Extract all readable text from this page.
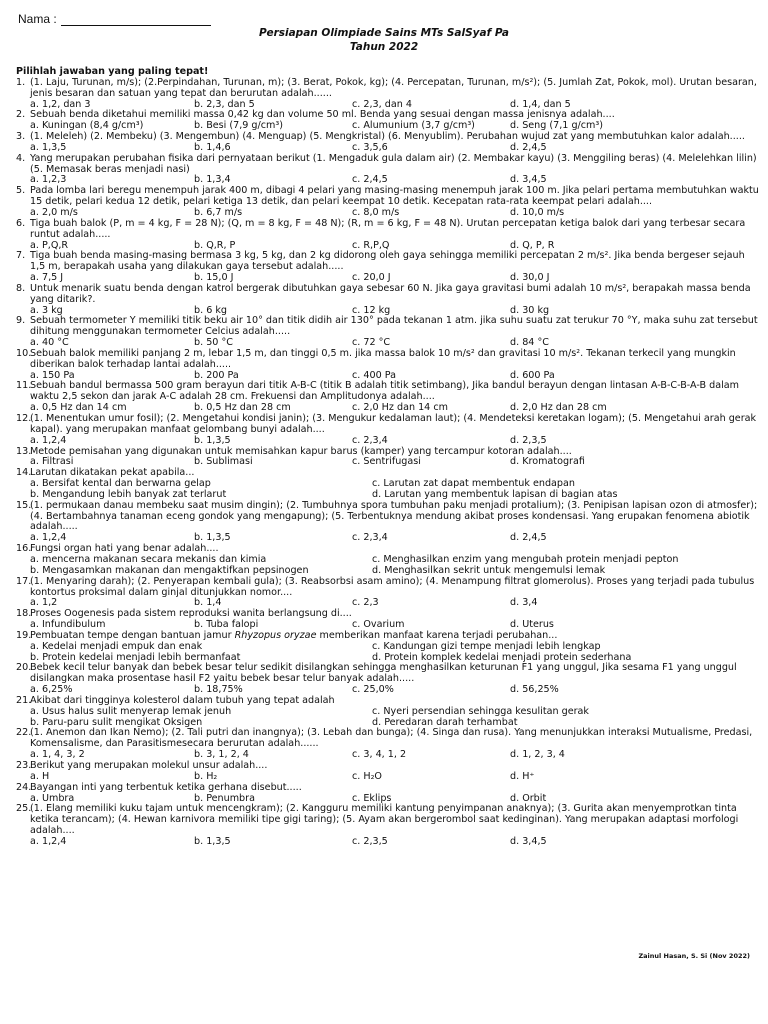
Nama :
Persiapan Olimpiade Sains MTs SalSyaf Pa
Tahun 2022
Pilihlah jawaban yang paling tepat!
1. (1. Laju, Turunan, m/s); (2.Perpindahan, Turunan, m); (3. Berat, Pokok, kg); (4. Percepatan, Turunan, m/s²); (5. Jumlah Zat, Pokok, mol). Urutan besaran, jenis besaran dan satuan yang tepat dan berurutan adalah......
a. 1,2, dan 3	b. 2,3, dan 5	c. 2,3, dan 4	d. 1,4, dan 5
2. Sebuah benda diketahui memiliki massa 0,42 kg dan volume 50 ml. Benda yang sesuai dengan massa jenisnya adalah....
a. Kuningan (8,4 g/cm³)	b. Besi (7,9 g/cm³)	c. Alumunium (3,7 g/cm³)	d. Seng (7,1 g/cm³)
3. (1. Meleleh) (2. Membeku) (3. Mengembun) (4. Menguap) (5. Mengkristal) (6. Menyublim). Perubahan wujud zat yang membutuhkan kalor adalah.....
a. 1,3,5	b. 1,4,6	c. 3,5,6	d. 2,4,5
4. Yang merupakan perubahan fisika dari pernyataan berikut (1. Mengaduk gula dalam air) (2. Membakar kayu) (3. Menggiling beras) (4. Melelehkan lilin) (5. Memasak beras menjadi nasi)
a. 1,2,3	b. 1,3,4	c. 2,4,5	d. 3,4,5
5. Pada lomba lari beregu menempuh jarak 400 m, dibagi 4 pelari yang masing-masing menempuh jarak 100 m. Jika pelari pertama membutuhkan waktu 15 detik, pelari kedua 12 detik, pelari ketiga 13 detik, dan pelari keempat 10 detik. Kecepatan rata-rata keempat pelari adalah....
a. 2,0 m/s	b. 6,7 m/s	c. 8,0 m/s	d. 10,0 m/s
6. Tiga buah balok (P, m = 4 kg, F = 28 N); (Q, m = 8 kg, F = 48 N); (R, m = 6 kg, F = 48 N). Urutan percepatan ketiga balok dari yang terbesar secara runtut adalah.....
a. P,Q,R	b. Q,R, P	c. R,P,Q	d. Q, P, R
7. Tiga buah benda masing-masing bermasa 3 kg, 5 kg, dan 2 kg didorong oleh gaya sehingga memiliki percepatan 2 m/s². Jika benda bergeser sejauh 1,5 m, berapakah usaha yang dilakukan gaya tersebut adalah.....
a. 7,5 J	b. 15,0 J	c. 20,0 J	d. 30,0 J
8. Untuk menarik suatu benda dengan katrol bergerak dibutuhkan gaya sebesar 60 N. Jika gaya gravitasi bumi adalah 10 m/s², berapakah massa benda yang ditarik?.
a. 3 kg	b. 6 kg	c. 12 kg	d. 30 kg
9. Sebuah termometer Y memiliki titik beku air 10° dan titik didih air 130° pada tekanan 1 atm. jika suhu suatu zat terukur 70 °Y, maka suhu zat tersebut dihitung menggunakan termometer Celcius adalah.....
a. 40 °C	b. 50 °C	c. 72 °C	d. 84 °C
10.
Sebuah balok memiliki panjang 2 m, lebar 1,5 m, dan tinggi 0,5 m. jika massa balok 10 m/s² dan gravitasi 10 m/s². Tekanan terkecil yang mungkin diberikan balok terhadap lantai adalah.....
a. 150 Pa	b. 200 Pa	c. 400 Pa	d. 600 Pa
11.
Sebuah bandul bermassa 500 gram berayun dari titik A-B-C (titik B adalah titik setimbang), Jika bandul berayun dengan lintasan A-B-C-B-A-B dalam waktu 2,5 sekon dan jarak A-C adalah 28 cm. Frekuensi dan Amplitudonya adalah....
a. 0,5 Hz dan 14 cm	b. 0,5 Hz dan 28 cm	c. 2,0 Hz dan 14 cm	d. 2,0 Hz dan 28 cm
12.
(1. Menentukan umur fosil); (2. Mengetahui kondisi janin); (3. Mengukur kedalaman laut); (4. Mendeteksi keretakan logam); (5. Mengetahui arah gerak kapal). yang merupakan manfaat gelombang bunyi adalah....
a. 1,2,4	b. 1,3,5	c. 2,3,4	d. 2,3,5
13.
Metode pemisahan yang digunakan untuk memisahkan kapur barus (kamper) yang tercampur kotoran adalah....
a. Filtrasi	b. Sublimasi	c. Sentrifugasi	d. Kromatografi
14.
Larutan dikatakan pekat apabila...
a. Bersifat kental dan berwarna gelap	c. Larutan zat dapat membentuk endapan
b. Mengandung lebih banyak zat terlarut	d. Larutan yang membentuk lapisan di bagian atas
15.
(1. permukaan danau membeku saat musim dingin); (2. Tumbuhnya spora tumbuhan paku menjadi protalium); (3. Penipisan lapisan ozon di atmosfer); (4. Bertambahnya tanaman eceng gondok yang mengapung); (5. Terbentuknya mendung akibat proses kondensasi. Yang erupakan fenomena abiotik adalah.....
a. 1,2,4	b. 1,3,5	c. 2,3,4	d. 2,4,5
16.
Fungsi organ hati yang benar adalah....
a. mencerna makanan secara mekanis dan kimia	c. Menghasilkan enzim yang mengubah protein menjadi pepton
b. Mengasamkan makanan dan mengaktifkan pepsinogen	d. Menghasilkan sekrit untuk mengemulsi lemak
17.
(1. Menyaring darah); (2. Penyerapan kembali gula); (3. Reabsorbsi asam amino); (4. Menampung filtrat glomerolus). Proses yang terjadi pada tubulus kontortus proksimal dalam ginjal ditunjukkan nomor....
a. 1,2	b. 1,4	c. 2,3	d. 3,4
18.
Proses Oogenesis pada sistem reproduksi wanita berlangsung di....
a. Infundibulum	b. Tuba falopi	c. Ovarium	d. Uterus
19.
Pembuatan tempe dengan bantuan jamur Rhyzopus oryzae memberikan manfaat karena terjadi perubahan...
a. Kedelai menjadi empuk dan enak	c. Kandungan gizi tempe menjadi lebih lengkap
b. Protein kedelai menjadi lebih bermanfaat	d. Protein komplek kedelai menjadi protein sederhana
20.
Bebek kecil telur banyak dan bebek besar telur sedikit disilangkan sehingga menghasilkan keturunan F1 yang unggul, Jika sesama F1 yang unggul disilangkan maka prosentase hasil F2 yaitu bebek besar telur banyak adalah.....
a. 6,25%	b. 18,75%	c. 25,0%	d. 56,25%
21.
Akibat dari tingginya kolesterol dalam tubuh yang tepat adalah
a. Usus halus sulit menyerap lemak jenuh	c. Nyeri persendian sehingga kesulitan gerak
b. Paru-paru sulit mengikat Oksigen	d. Peredaran darah terhambat
22.
(1. Anemon dan Ikan Nemo); (2. Tali putri dan inangnya); (3. Lebah dan bunga); (4. Singa dan rusa). Yang menunjukkan interaksi Mutualisme, Predasi, Komensalisme, dan Parasitismesecara berurutan adalah......
a. 1, 4, 3, 2	b. 3, 1, 2, 4	c. 3, 4, 1, 2	d. 1, 2, 3, 4
23.
Berikut yang merupakan molekul unsur adalah....
a. H	b. H₂	c. H₂O	d. H⁺
24.
Bayangan inti yang terbentuk ketika gerhana disebut.....
a. Umbra	b. Penumbra	c. Eklips	d. Orbit
25.
(1. Elang memiliki kuku tajam untuk mencengkram); (2. Kangguru memiliki kantung penyimpanan anaknya); (3. Gurita akan menyemprotkan tinta ketika terancam); (4. Hewan karnivora memiliki tipe gigi taring); (5. Ayam akan bergerombol saat kedinginan). Yang merupakan adaptasi morfologi adalah....
a. 1,2,4	b. 1,3,5	c. 2,3,5	d. 3,4,5
Zainul Hasan, S. Si (Nov 2022)
